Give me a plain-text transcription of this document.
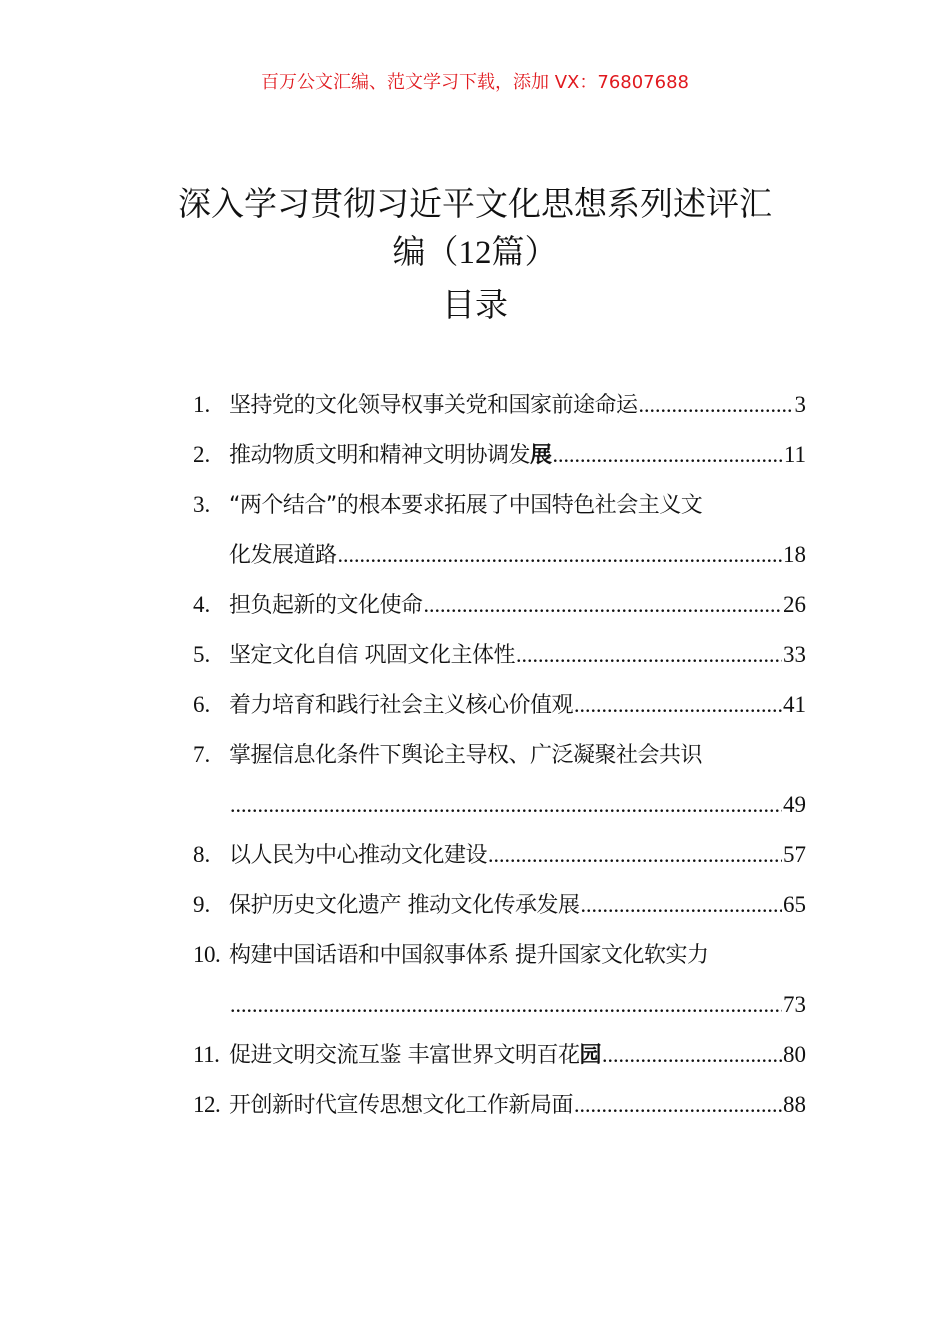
百万公文汇编、范文学习下载，添加 VX：76807688
深入学习贯彻习近平文化思想系列述评汇
编（12篇）
目录
1. 坚持党的文化领导权事关党和国家前途命运 .....	3
2. 推动物质文明和精神文明协调发展 .....	11
3. “两个结合”的根本要求拓展了中国特色社会主义文
化发展道路 .....	18
4. 担负起新的文化使命 .....	26
5. 坚定文化自信 巩固文化主体性 .....	33
6. 着力培育和践行社会主义核心价值观 .....	41
7. 掌握信息化条件下舆论主导权、广泛凝聚社会共识
.....
49
8. 以人民为中心推动文化建设 .....	57
9. 保护历史文化遗产 推动文化传承发展 .....	65
10. 构建中国话语和中国叙事体系 提升国家文化软实力
.....
73
11. 促进文明交流互鉴 丰富世界文明百花园 .....	80
12. 开创新时代宣传思想文化工作新局面 .....	88
